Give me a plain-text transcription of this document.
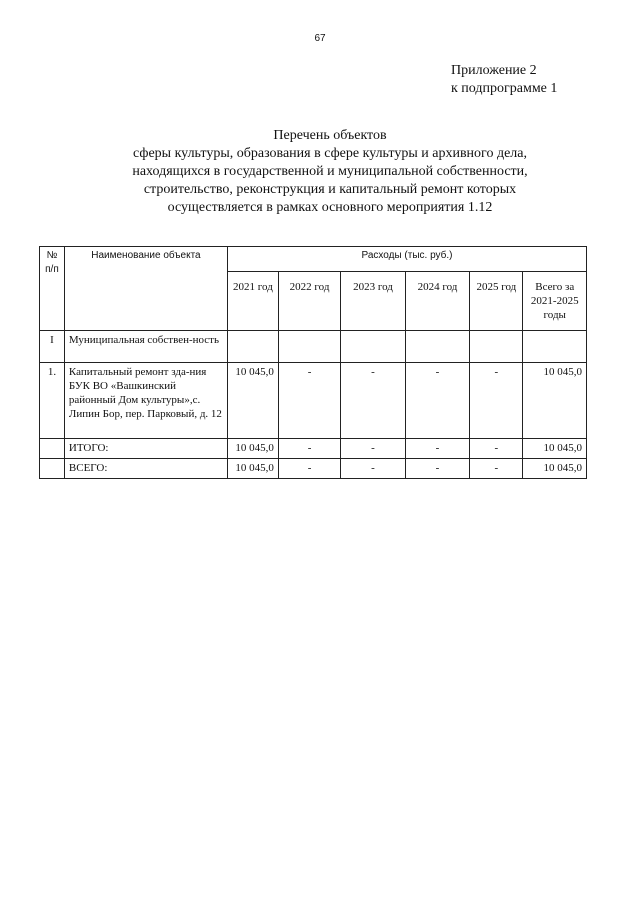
67
Приложение 2
к подпрограмме 1
Перечень объектов
сферы культуры, образования в сфере культуры и архивного дела,
находящихся в государственной и муниципальной собственности,
строительство, реконструкция и капитальный ремонт которых
осуществляется в рамках основного мероприятия 1.12
№ п/п	Наименование объекта	Расходы (тыс. руб.)					
		2021 год	2022 год	2023 год	2024 год	2025 год	Всего за 2021-2025 годы
I	Муниципальная собствен-ность						
1.	Капитальный ремонт зда-ния БУК ВО «Вашкинский районный Дом культуры»,с. Липин Бор, пер. Парковый, д. 12	10 045,0	-	-	-	-	10 045,0
	ИТОГО:	10 045,0	-	-	-	-	10 045,0
	ВСЕГО:	10 045,0	-	-	-	-	10 045,0
